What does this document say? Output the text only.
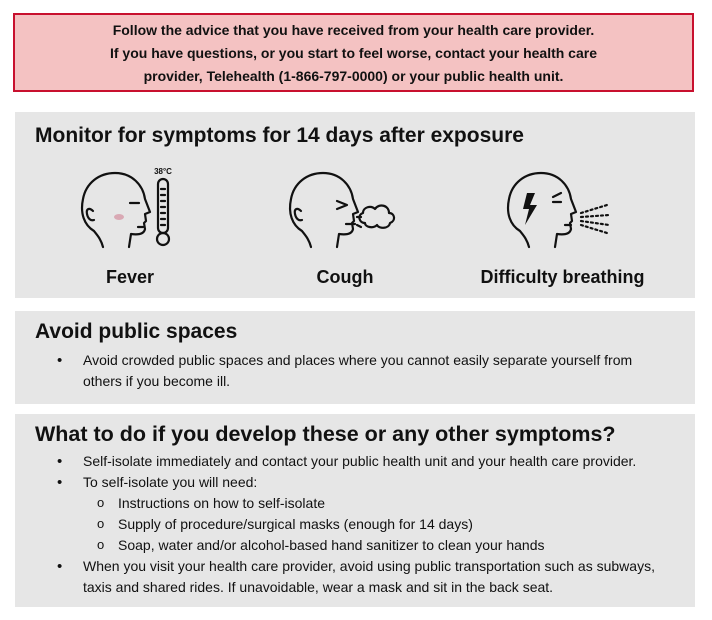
Follow the advice that you have received from your health care provider.
If you have questions, or you start to feel worse, contact your health care
provider, Telehealth (1-866-797-0000) or your public health unit.
Monitor for symptoms for 14 days after exposure
38°C
Fever	Cough	Difficulty breathing
Avoid public spaces
• Avoid crowded public spaces and places where you cannot easily separate yourself from others if you become ill.
What to do if you develop these or any other symptoms?
• Self-isolate immediately and contact your public health unit and your health care provider.
• To self-isolate you will need:
o Instructions on how to self-isolate
o Supply of procedure/surgical masks (enough for 14 days)
o Soap, water and/or alcohol-based hand sanitizer to clean your hands
• When you visit your health care provider, avoid using public transportation such as subways, taxis and shared rides. If unavoidable, wear a mask and sit in the back seat.
